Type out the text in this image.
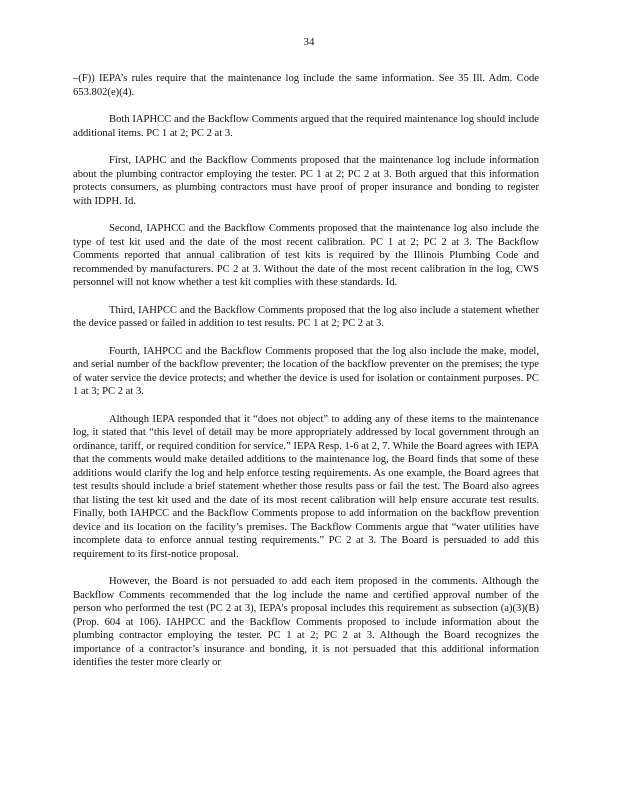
34

–(F)) IEPA’s rules require that the maintenance log include the same information. See 35 Ill. Adm. Code 653.802(e)(4).

Both IAPHCC and the Backflow Comments argued that the required maintenance log should include additional items. PC 1 at 2; PC 2 at 3.

First, IAPHC and the Backflow Comments proposed that the maintenance log include information about the plumbing contractor employing the tester. PC 1 at 2; PC 2 at 3. Both argued that this information protects consumers, as plumbing contractors must have proof of proper insurance and bonding to register with IDPH. Id.

Second, IAPHCC and the Backflow Comments proposed that the maintenance log also include the type of test kit used and the date of the most recent calibration. PC 1 at 2; PC 2 at 3. The Backflow Comments reported that annual calibration of test kits is required by the Illinois Plumbing Code and recommended by manufacturers. PC 2 at 3. Without the date of the most recent calibration in the log, CWS personnel will not know whether a test kit complies with these standards. Id.

Third, IAHPCC and the Backflow Comments proposed that the log also include a statement whether the device passed or failed in addition to test results. PC 1 at 2; PC 2 at 3.

Fourth, IAHPCC and the Backflow Comments proposed that the log also include the make, model, and serial number of the backflow preventer; the location of the backflow preventer on the premises; the type of water service the device protects; and whether the device is used for isolation or containment purposes. PC 1 at 3; PC 2 at 3.

Although IEPA responded that it “does not object” to adding any of these items to the maintenance log, it stated that “this level of detail may be more appropriately addressed by local government through an ordinance, tariff, or required condition for service.” IEPA Resp. 1-6 at 2, 7. While the Board agrees with IEPA that the comments would make detailed additions to the maintenance log, the Board finds that some of these additions would clarify the log and help enforce testing requirements. As one example, the Board agrees that test results should include a brief statement whether those results pass or fail the test. The Board also agrees that listing the test kit used and the date of its most recent calibration will help ensure accurate test results. Finally, both IAHPCC and the Backflow Comments propose to add information on the backflow prevention device and its location on the facility’s premises. The Backflow Comments argue that “water utilities have incomplete data to enforce annual testing requirements.” PC 2 at 3. The Board is persuaded to add this requirement to its first-notice proposal.

However, the Board is not persuaded to add each item proposed in the comments. Although the Backflow Comments recommended that the log include the name and certified approval number of the person who performed the test (PC 2 at 3), IEPA’s proposal includes this requirement as subsection (a)(3)(B) (Prop. 604 at 106). IAHPCC and the Backflow Comments proposed to include information about the plumbing contractor employing the tester. PC 1 at 2; PC 2 at 3. Although the Board recognizes the importance of a contractor’s insurance and bonding, it is not persuaded that this additional information identifies the tester more clearly or
